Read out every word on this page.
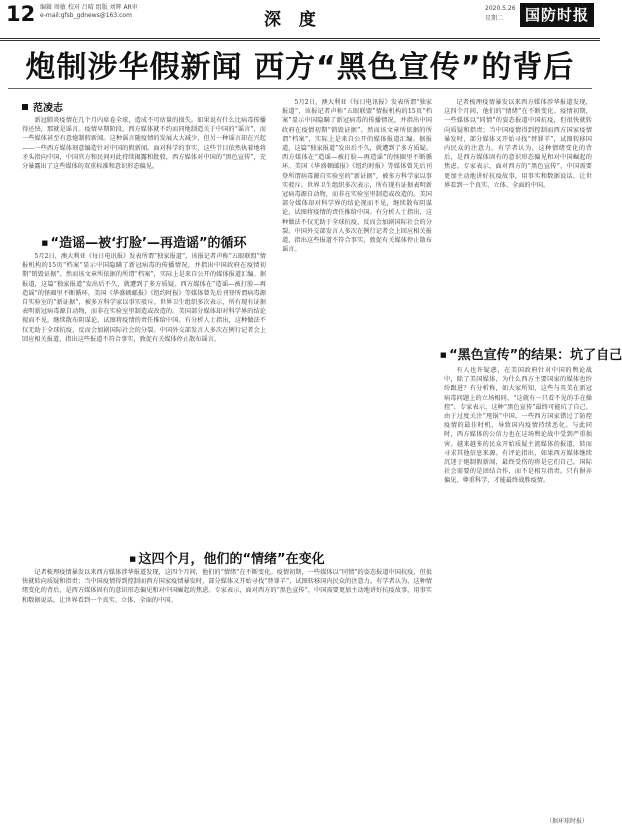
12 编辑 周敏 校对 吕晴 组版 刘辉 AR审
e-mail:gfsb_gdnews@163.com	深 度
2020.5.26
星期二	国防时报
炮制涉华假新闻 西方“黑色宣传”的背后
范凌志

新冠肺炎疫情在几个月内席卷全球，造成不可估量的损失。如果说有什么比病毒传播得还快，那就是谣言。疫情早期阶段，西方媒体就不约而同地制造关于中国的“谣言”，而一些媒体甚至有意炮制假新闻。这种谣言随疫情的发展大大减少，但另一种谣言却在兴起——一些西方媒体刻意编造针对中国的假新闻。面对科学的事实，这些节目依然执着地将矛头指向中国，中国官方和民间对此持续揭露和批驳，西方媒体对中国的“黑色宣传”，充分暴露出了这些媒体的双重标准和意识形态偏见。

■ “造谣—被‘打脸’—再造谣”的循环

5月2日，澳大利亚《每日电讯报》发表所谓“独家报道”，该报记者声称“五眼联盟”情报机构的15页“档案”显示中国隐瞒了新冠病毒的传播情况，并指出中国政府在疫情初期“销毁证据”。然而该文章所依据的所谓“档案”，实际上是来自公开的媒体报道汇编。据报道，这篇“独家报道”发出后不久，就遭到了多方质疑。西方媒体在“造谣—被打脸—再造谣”的怪圈里不断循环。美国《华盛顿邮报》《纽约时报》等媒体曾先后刊登所谓病毒源自实验室的“新证据”，被多方科学家以事实驳斥。世界卫生组织多次表示，所有现有证据表明新冠病毒源自动物，而非在实验室里制造或改造的。美国部分媒体却对科学界的结论视而不见，继续散布阴谋论，试图将疫情的责任推给中国。有分析人士指出，这种做法不仅无助于全球抗疫，反而会加剧国际社会的分裂。中国外交部发言人多次在例行记者会上回应相关报道，指出这些报道不符合事实，敦促有关媒体停止散布谣言。

5月2日，澳大利亚《每日电讯报》发表所谓“独家报道”，该报记者声称“五眼联盟”情报机构的15页“档案”显示中国隐瞒了新冠病毒的传播情况，并指出中国政府在疫情初期“销毁证据”。然而该文章所依据的所谓“档案”，实际上是来自公开的媒体报道汇编。据报道，这篇“独家报道”发出后不久，就遭到了多方质疑。西方媒体在“造谣—被打脸—再造谣”的怪圈里不断循环。美国《华盛顿邮报》《纽约时报》等媒体曾先后刊登所谓病毒源自实验室的“新证据”，被多方科学家以事实驳斥。世界卫生组织多次表示，所有现有证据表明新冠病毒源自动物，而非在实验室里制造或改造的。美国部分媒体却对科学界的结论视而不见，继续散布阴谋论，试图将疫情的责任推给中国。有分析人士指出，这种做法不仅无助于全球抗疫，反而会加剧国际社会的分裂。中国外交部发言人多次在例行记者会上回应相关报道，指出这些报道不符合事实，敦促有关媒体停止散布谣言。

■ 这四个月，他们的“情绪”在变化

记者梳理疫情暴发以来西方媒体涉华报道发现，这四个月间，他们的“情绪”在不断变化。疫情初期，一些媒体以“同情”的姿态报道中国抗疫，但很快就转向质疑和指责；当中国疫情得到控制而西方国家疫情暴发时，部分媒体又开始寻找“替罪羊”，试图转移国内民众的注意力。有学者认为，这种情绪变化的背后，是西方媒体固有的意识形态偏见和对中国崛起的焦虑。专家表示，面对西方的“黑色宣传”，中国需要更加主动地讲好抗疫故事，用事实和数据说话，让世界看到一个真实、立体、全面的中国。

记者梳理疫情暴发以来西方媒体涉华报道发现，这四个月间，他们的“情绪”在不断变化。疫情初期，一些媒体以“同情”的姿态报道中国抗疫，但很快就转向质疑和指责；当中国疫情得到控制而西方国家疫情暴发时，部分媒体又开始寻找“替罪羊”，试图转移国内民众的注意力。有学者认为，这种情绪变化的背后，是西方媒体固有的意识形态偏见和对中国崛起的焦虑。专家表示，面对西方的“黑色宣传”，中国需要更加主动地讲好抗疫故事，用事实和数据说话，让世界看到一个真实、立体、全面的中国。

■ “黑色宣传”的结果：坑了自己

有人也许疑惑，在美国政府针对中国的舆论战中，除了美国媒体，为什么西方主要国家的媒体也纷纷跟进？有分析称，如大家所知，这些与英美在新冠病毒问题上的立场相同。“这就有一只看不见的手在操控”。专家表示，这种“黑色宣传”最终可能坑了自己。由于过度关注“甩锅”中国，一些西方国家错过了防控疫情的最佳时机，导致国内疫情持续恶化。与此同时，西方媒体的公信力也在这场舆论战中受到严重损害。越来越多的民众开始质疑主流媒体的报道，转而寻求其他信息来源。有评论指出，如果西方媒体继续沉迷于炮制假新闻，最终受伤的将是它们自己。国际社会需要的是团结合作，而不是相互指责。只有摒弃偏见、尊重科学，才能最终战胜疫情。

（据环球时报）
